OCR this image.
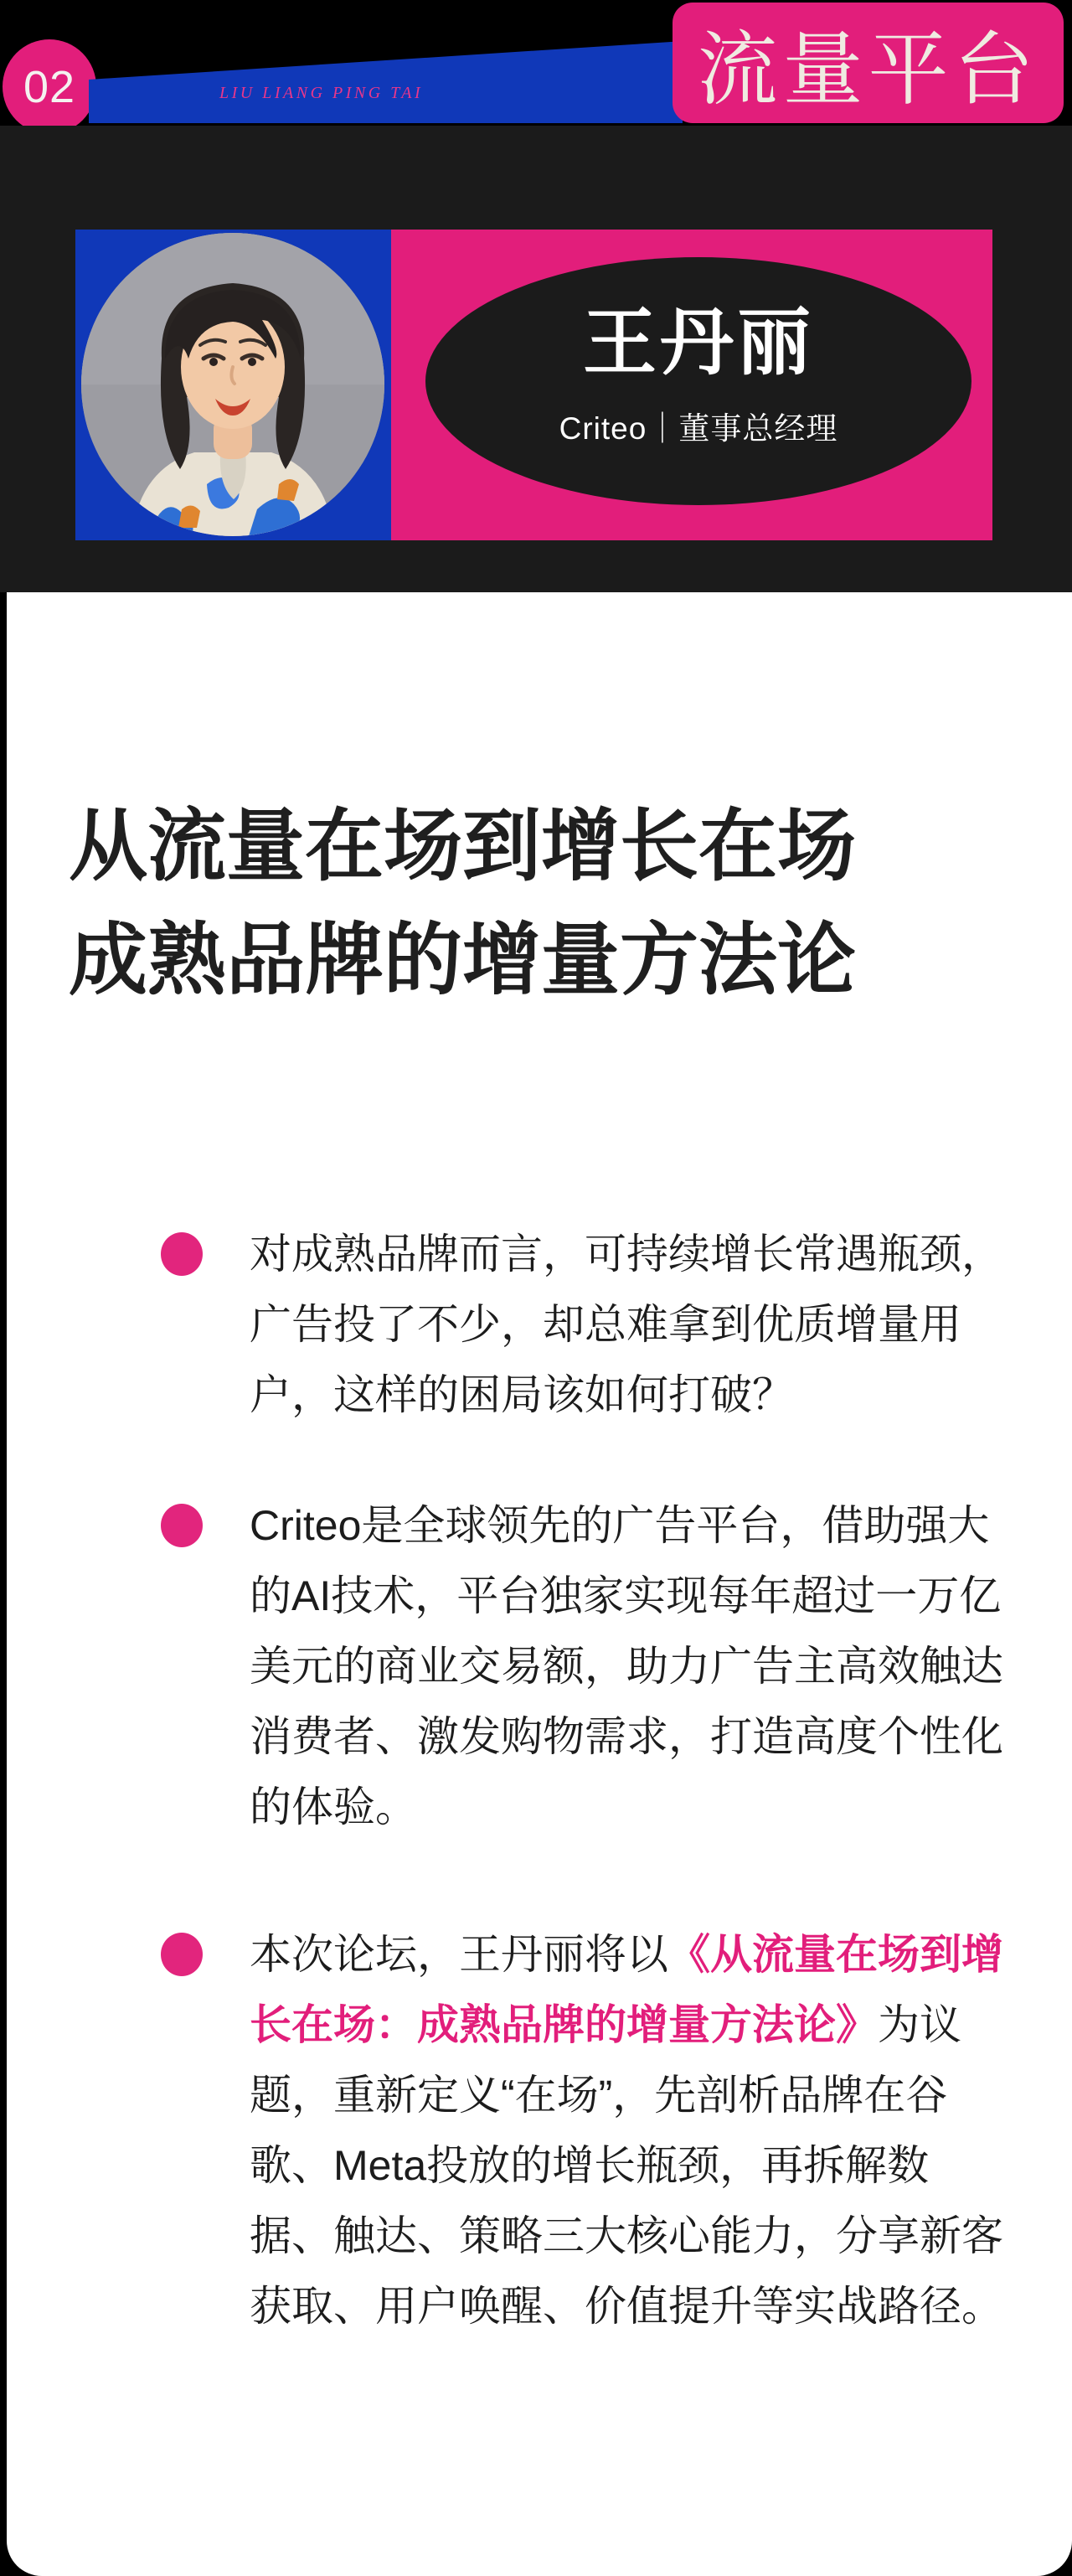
02	LIU LIANG PING TAI	流量平台
王丹丽
Criteo｜董事总经理
从流量在场到增长在场
成熟品牌的增量方法论

对成熟品牌而言，可持续增长常遇瓶颈，广告投了不少，却总难拿到优质增量用户，这样的困局该如何打破？

Criteo是全球领先的广告平台，借助强大的AI技术，平台独家实现每年超过一万亿美元的商业交易额，助力广告主高效触达消费者、激发购物需求，打造高度个性化的体验。

本次论坛，王丹丽将以《从流量在场到增长在场：成熟品牌的增量方法论》为议题，重新定义“在场”，先剖析品牌在谷歌、Meta投放的增长瓶颈，再拆解数据、触达、策略三大核心能力，分享新客获取、用户唤醒、价值提升等实战路径。
